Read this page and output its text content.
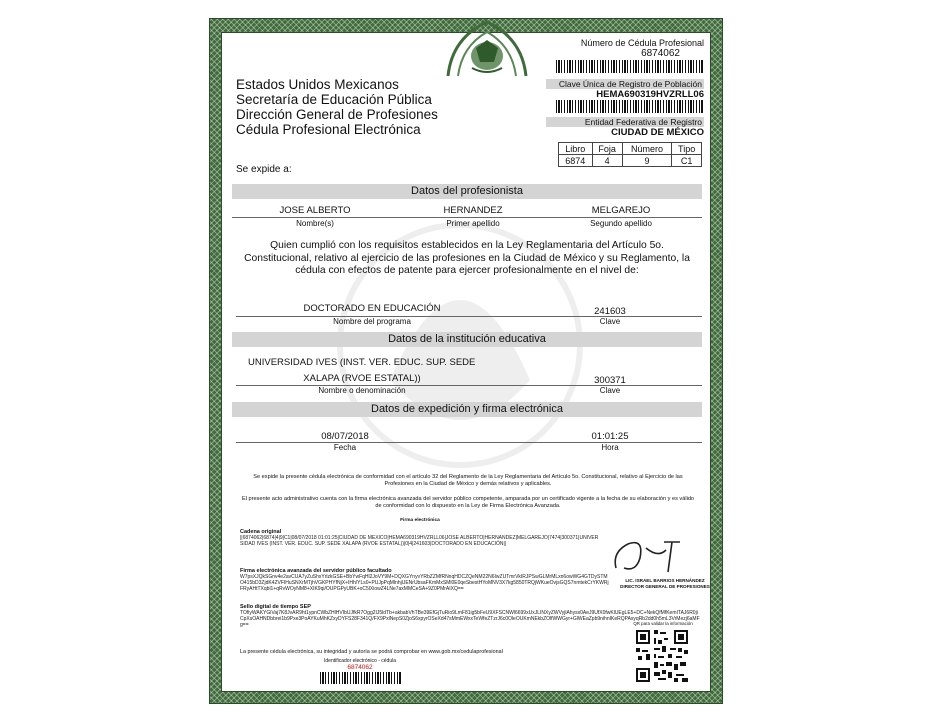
Estados Unidos Mexicanos
Secretaría de Educación Pública
Dirección General de Profesiones
Cédula Profesional Electrónica
Se expide a:
Número de Cédula Profesional
6874062
Clave Única de Registro de Población
HEMA690319HVZRLL06
Entidad Federativa de Registro
CIUDAD DE MÉXICO
Libro	Foja	Número	Tipo
6874	4	9	C1
Datos del profesionista
JOSE ALBERTO	HERNANDEZ	MELGAREJO
Nombre(s)	Primer apellido	Segundo apellido
Quien cumplió con los requisitos establecidos en la Ley Reglamentaria del Artículo 5o. Constitucional, relativo al ejercicio de las profesiones en la Ciudad de México y su Reglamento, la cédula con efectos de patente para ejercer profesionalmente en el nivel de:
DOCTORADO EN EDUCACIÓN	241603
Nombre del programa	Clave
Datos de la institución educativa
UNIVERSIDAD IVES (INST. VER. EDUC. SUP. SEDE
XALAPA (RVOE ESTATAL))	300371
Nombre o denominación	Clave
Datos de expedición y firma electrónica
08/07/2018	01:01:25
Fecha	Hora
Se expide la presente cédula electrónica de conformidad con el artículo 32 del Reglamento de la Ley Reglamentaria del Artículo 5o. Constitucional, relativo al Ejercicio de las Profesiones en la Ciudad de México y demás relativos y aplicables.
El presente acto administrativo cuenta con la firma electrónica avanzada del servidor público competente, amparada por un certificado vigente a la fecha de su elaboración y es válido de conformidad con lo dispuesto en la Ley de Firma Electrónica Avanzada.
Firma electrónica
Cadena original
||6874062|6874|4|9|C1|08/07/2018 01:01:25|CIUDAD DE MEXICO|HEMA690319HVZRLL06|JOSE ALBERTO|HERNANDEZ|MELGAREJO|7474|300371|UNIVERSIDAD IVES (INST. VER. EDUC. SUP. SEDE XALAPA (RVOE ESTATAL))|0|4|241603|DOCTORADO EN EDUCACIÓN||
LIC. ISRAEL BARRIOS HERNÁNDEZ
DIRECTOR GENERAL DE PROFESIONES
Firma electrónica avanzada del servidor público facultado
W7psXJQkSGnv4e2avCUA7yZuShxYrlzkGSE+BbYwFqHl2JoVY9M+DQXGYnyvYRbZZMfRNnqHDCZQeNM22N6IwZUTmrVkIRJPSwGLMrMLxn6owWG4GTDySTMO415bD3ZjdK4ZVFIHuSNXrMTjhVGKPHYfNjX+IHh/YLs0+PUJpPqMlnhjUENrUbsaFKmMxSMl0E0qeSbestHYoMNV3X7kg5850TRQjWKueOvjsGQS7nmtekCrYKWRjFRyAHtTXqbl1+qRvWOyNM8+XIK9qi/OUPGPyUBK+oC5lXiowZ4LNe7axMMCeSA+9Z0PMrAIXQ==
Sello digital de tiempo SEP
TOfiyWAKYGiVaj7K8JvAR9ht1ypnCWbZHlHVIbUJfkR7Ogg2IJ5ldTb+akbabVhTBe39EfGjTuRio9LmF81ig5bFeU9XFSCNWl6699xUxJLINXyZWVyjlAhysx0AeJ9UfX0fwKlUEgLE5+DC+NekQfMfKemITAJ6R0jiCpXsOAHNDbbrei1b9Pxe3PoAYKuMhKZxyDYFS28F341Q/FX9PxlNepS0ZjoS6xpyrOSeXd47sMmEWxxTeWfeZTzrJ6c0OleOUKmNEkbZOlfWWGyr+GlWEaZpb9nihnIKeRQPAsyqRb2dd0h5mL3VrMezj6aMFg==	QR para validar la información
La presente cédula electrónica, su integridad y autoría se podrá comprobar en www.gob.mx/cedulaprofesional
Identificador electrónico - cédula
6874062
